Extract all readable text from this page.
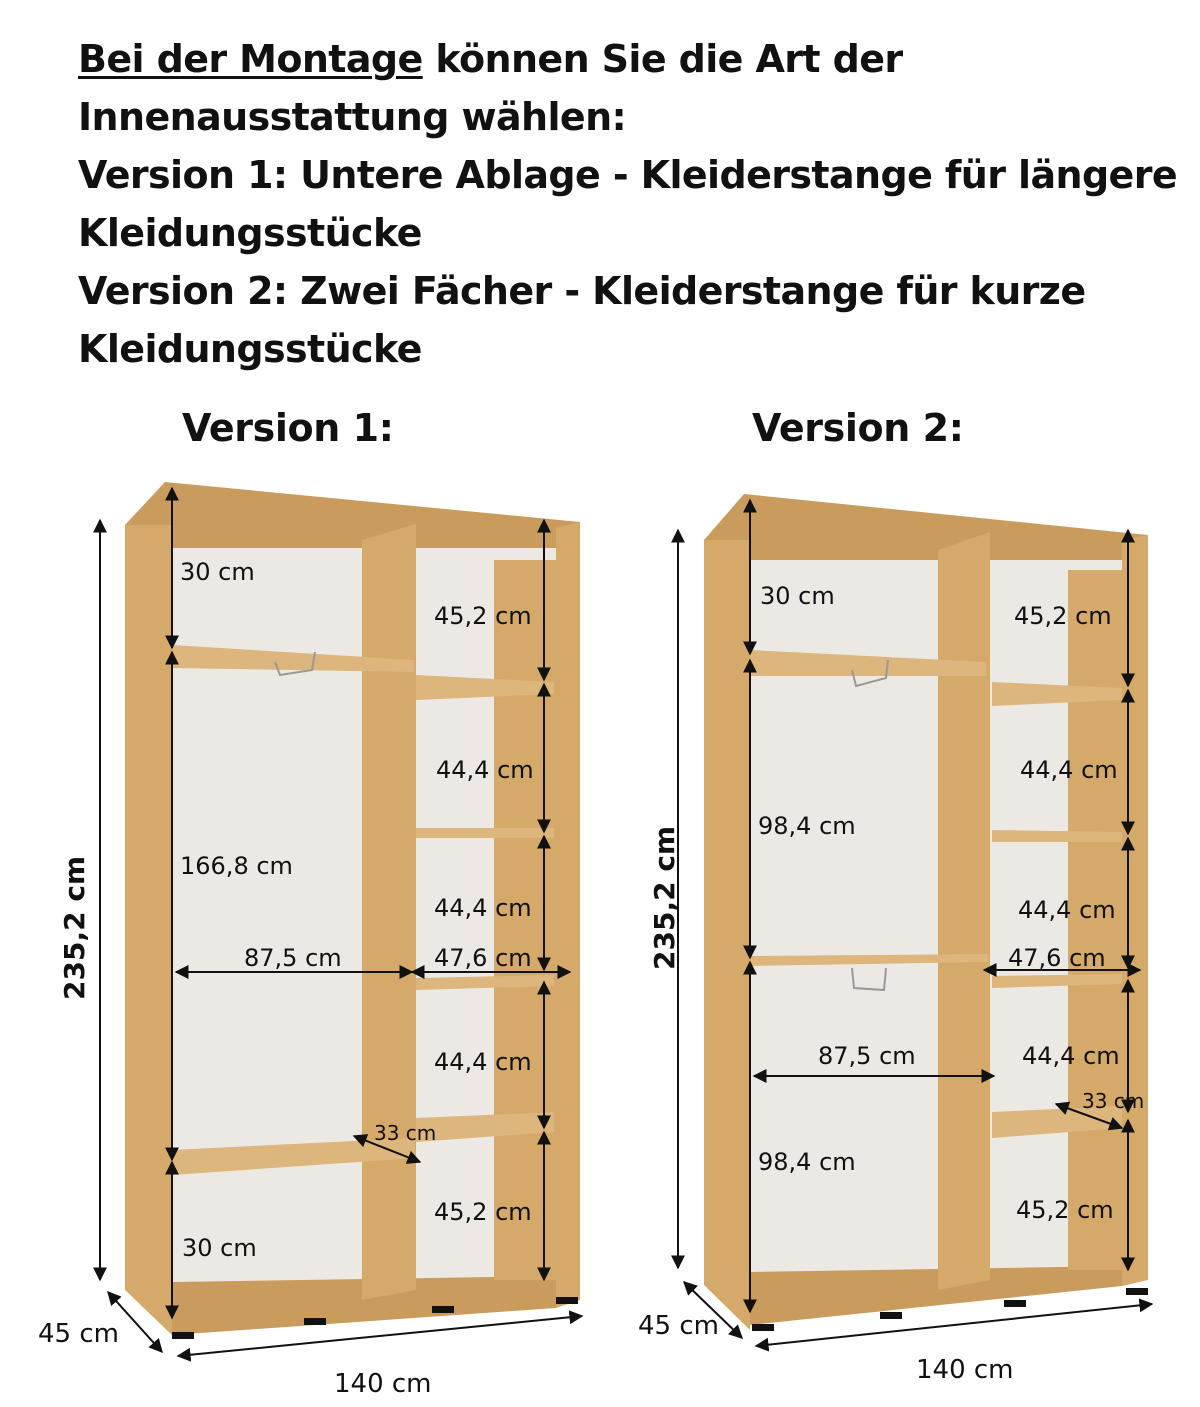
Bei der Montage können Sie die Art der Innenausstattung wählen:

Version 1: Untere Ablage - Kleiderstange für längere Kleidungsstücke

Version 2: Zwei Fächer - Kleiderstange für kurze Kleidungsstücke

Version 1:	Version 2:
235,2 cm
45 cm
140 cm
30 cm
166,8 cm
30 cm
87,5 cm	47,6 cm
33 cm
45,2 cm
44,4 cm
44,4 cm
44,4 cm
45,2 cm
235,2 cm
45 cm
140 cm
30 cm
98,4 cm
98,4 cm
87,5 cm
47,6 cm
33 cm
45,2 cm
44,4 cm
44,4 cm
44,4 cm
45,2 cm
